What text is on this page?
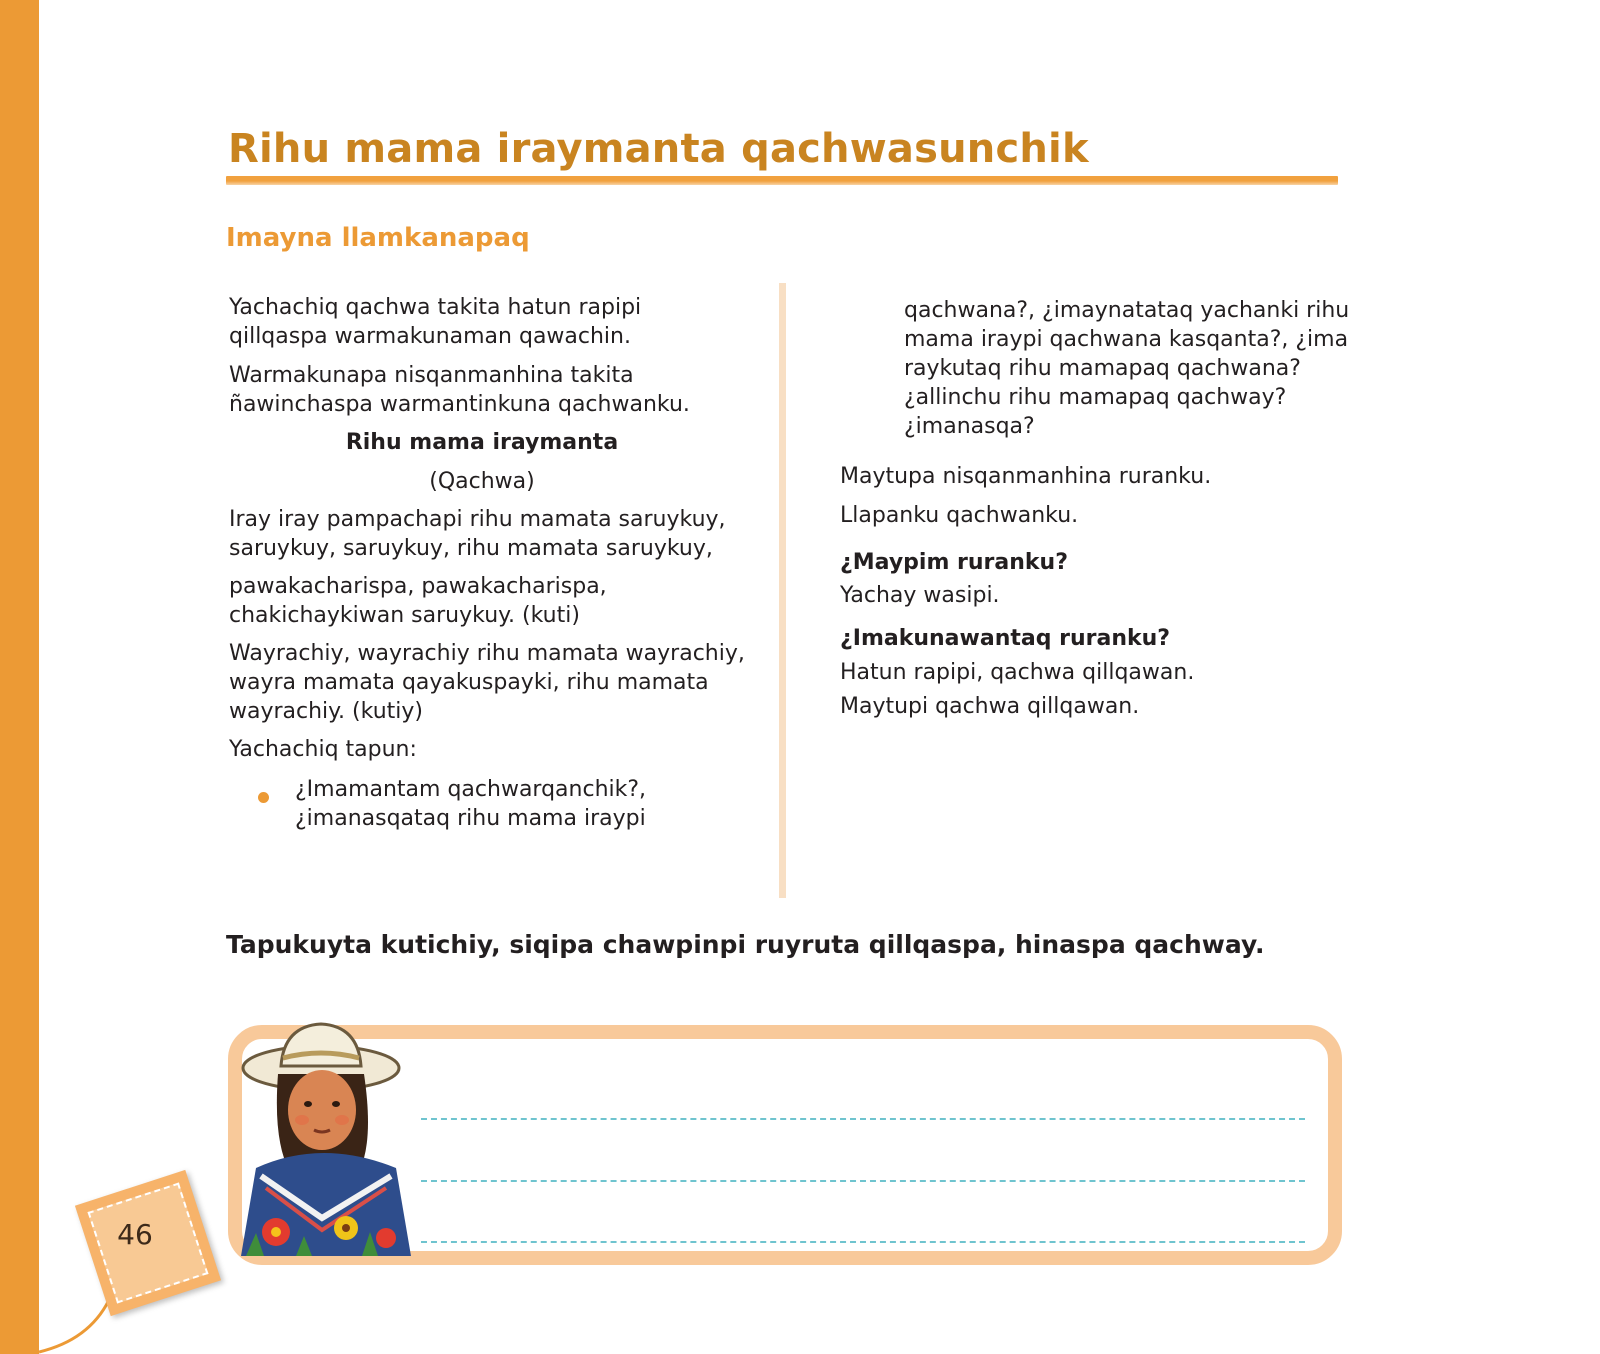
Rihu mama iraymanta qachwasunchik
Imayna llamkanapaq

Yachachiq qachwa takita hatun rapipi

qillqaspa warmakunaman qawachin.

Warmakunapa nisqanmanhina takita

ñawinchaspa warmantinkuna qachwanku.

Rihu mama iraymanta

(Qachwa)

Iray iray pampachapi rihu mamata saruykuy,

saruykuy, saruykuy, rihu mamata saruykuy,

pawakacharispa, pawakacharispa,

chakichaykiwan saruykuy. (kuti)

Wayrachiy, wayrachiy rihu mamata wayrachiy,

wayra mamata qayakuspayki, rihu mamata

wayrachiy. (kutiy)

Yachachiq tapun:

¿Imamantam qachwarqanchik?,

¿imanasqataq rihu mama iraypi

qachwana?, ¿imaynatataq yachanki rihu

mama iraypi qachwana kasqanta?, ¿ima

raykutaq rihu mamapaq qachwana?

¿allinchu rihu mamapaq qachway?

¿imanasqa?

Maytupa nisqanmanhina ruranku.

Llapanku qachwanku.

¿Maypim ruranku?

Yachay wasipi.

¿Imakunawantaq ruranku?

Hatun rapipi, qachwa qillqawan.

Maytupi qachwa qillqawan.

Tapukuyta kutichiy, siqipa chawpinpi ruyruta qillqaspa, hinaspa qachway.

46
